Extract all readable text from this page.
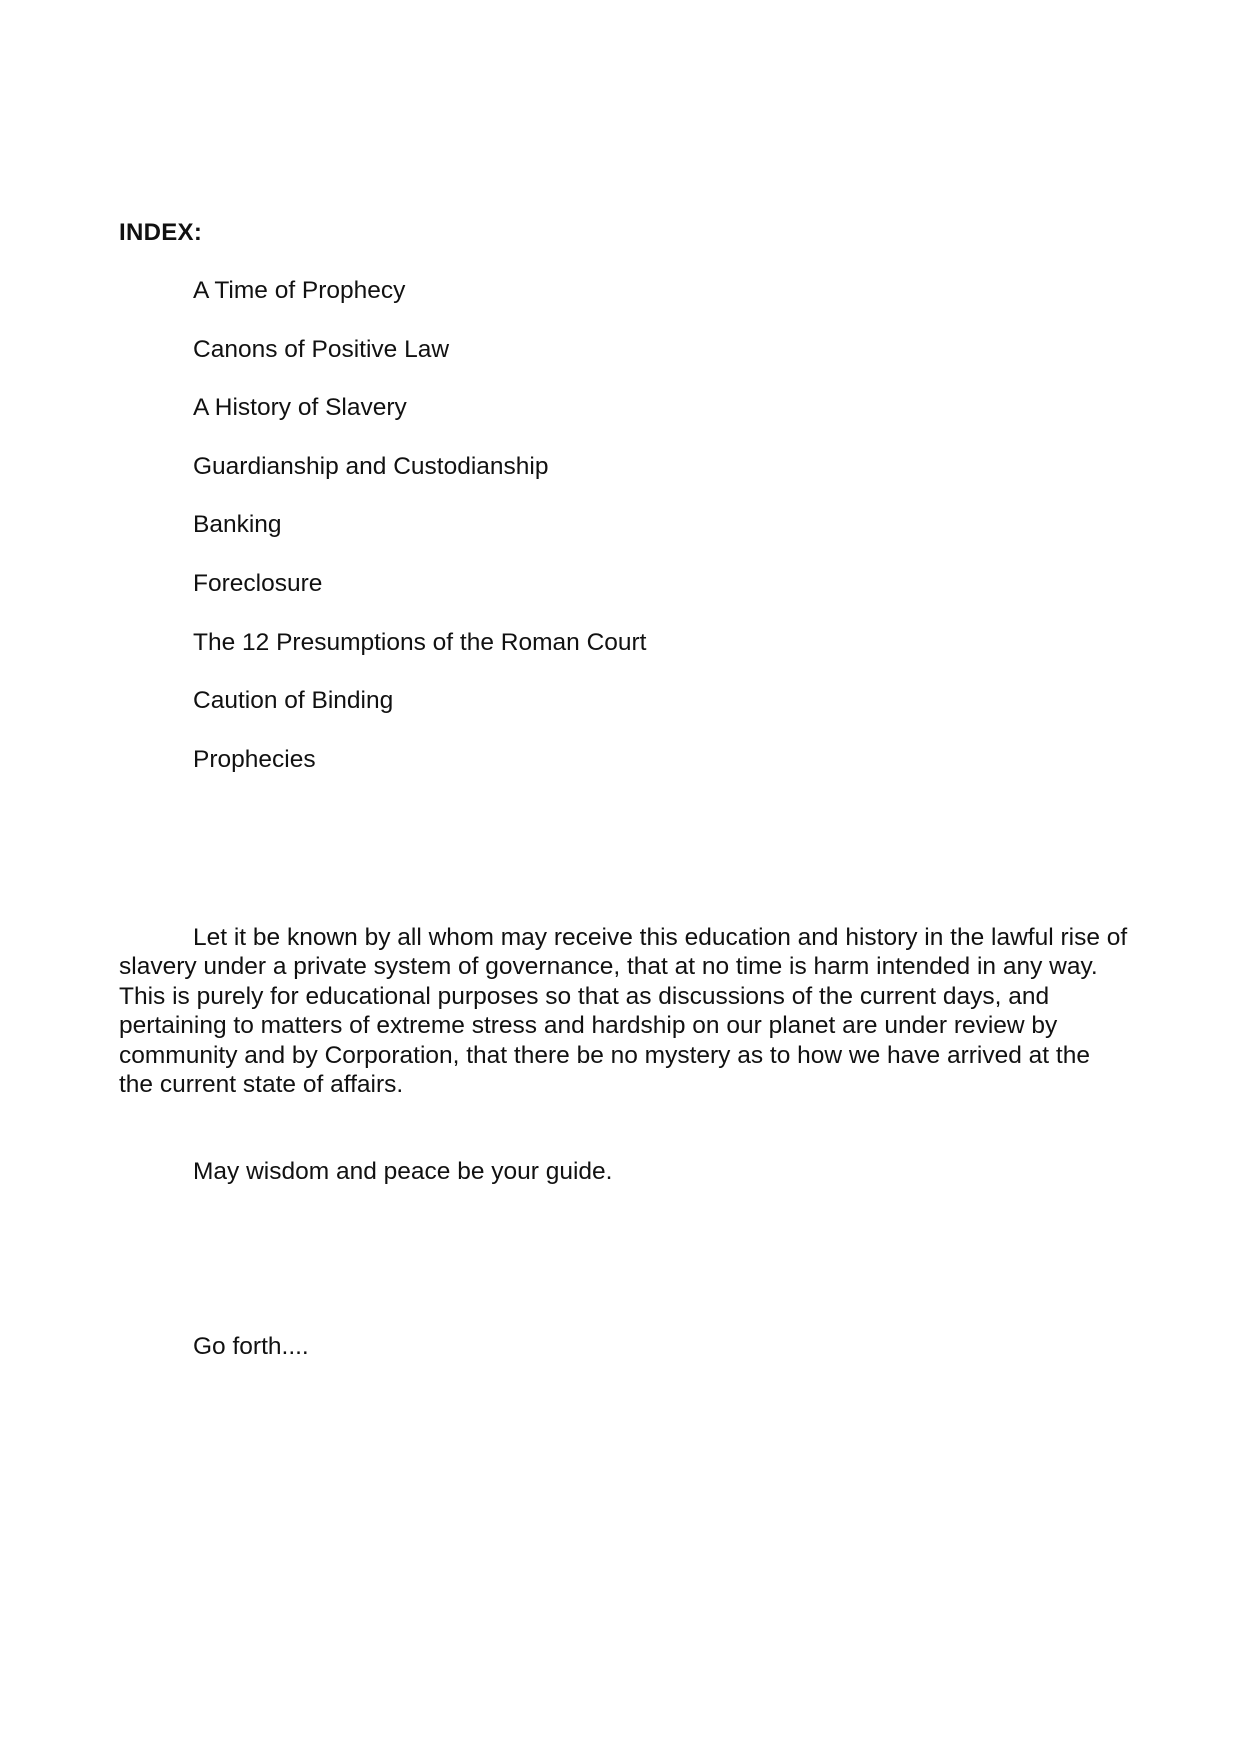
INDEX:
A Time of Prophecy
Canons of Positive Law
A History of Slavery
Guardianship and Custodianship
Banking
Foreclosure
The 12 Presumptions of the Roman Court
Caution of Binding
Prophecies

Let it be known by all whom may receive this education and history in the lawful rise of slavery under a private system of governance, that at no time is harm intended in any way. This is purely for educational purposes so that as discussions of the current days, and pertaining to matters of extreme stress and hardship on our planet are under review by community and by Corporation, that there be no mystery as to how we have arrived at the the current state of affairs.

May wisdom and peace be your guide.
Go forth....
